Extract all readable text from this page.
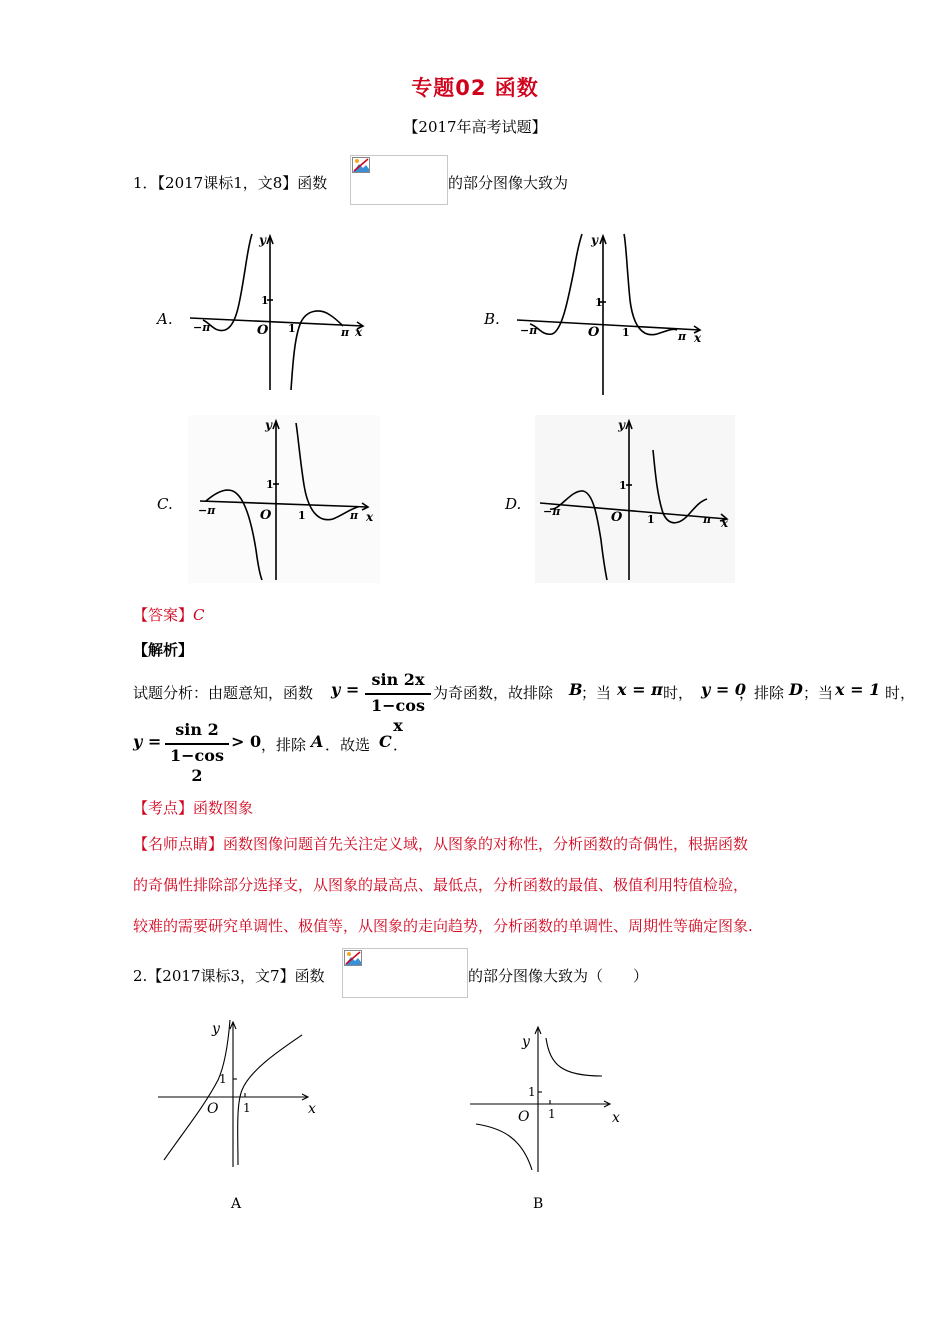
专题02 函数
【2017年高考试题】
1．【2017课标1，文8】函数	的部分图像大致为
A.	B.
C.	D.
−π	O
1
1	π x
y
−π	O
1
1	π x
y
−π	O
1
1	π x
y
−π	O
1
1	π x
y
【答案】C
【解析】
试题分析：由题意知，函数 y =
sin 2x
1−cos x
为奇函数，故排除 B
；当 x = π 时， y = 0
，排除 D ；当 x = 1 时，
y =
sin 2
1−cos 2
> 0 ，排除 A ．故选 C ．
【考点】函数图象
【名师点睛】函数图像问题首先关注定义域，从图象的对称性，分析函数的奇偶性，根据函数
的奇偶性排除部分选择支，从图象的最高点、最低点，分析函数的最值、极值利用特值检验，
较难的需要研究单调性、极值等，从图象的走向趋势，分析函数的单调性、周期性等确定图象.
2.【2017课标3，文7】函数	的部分图像大致为（　　）
y
1
O 1	x
A
y
1
O 1	x
B
